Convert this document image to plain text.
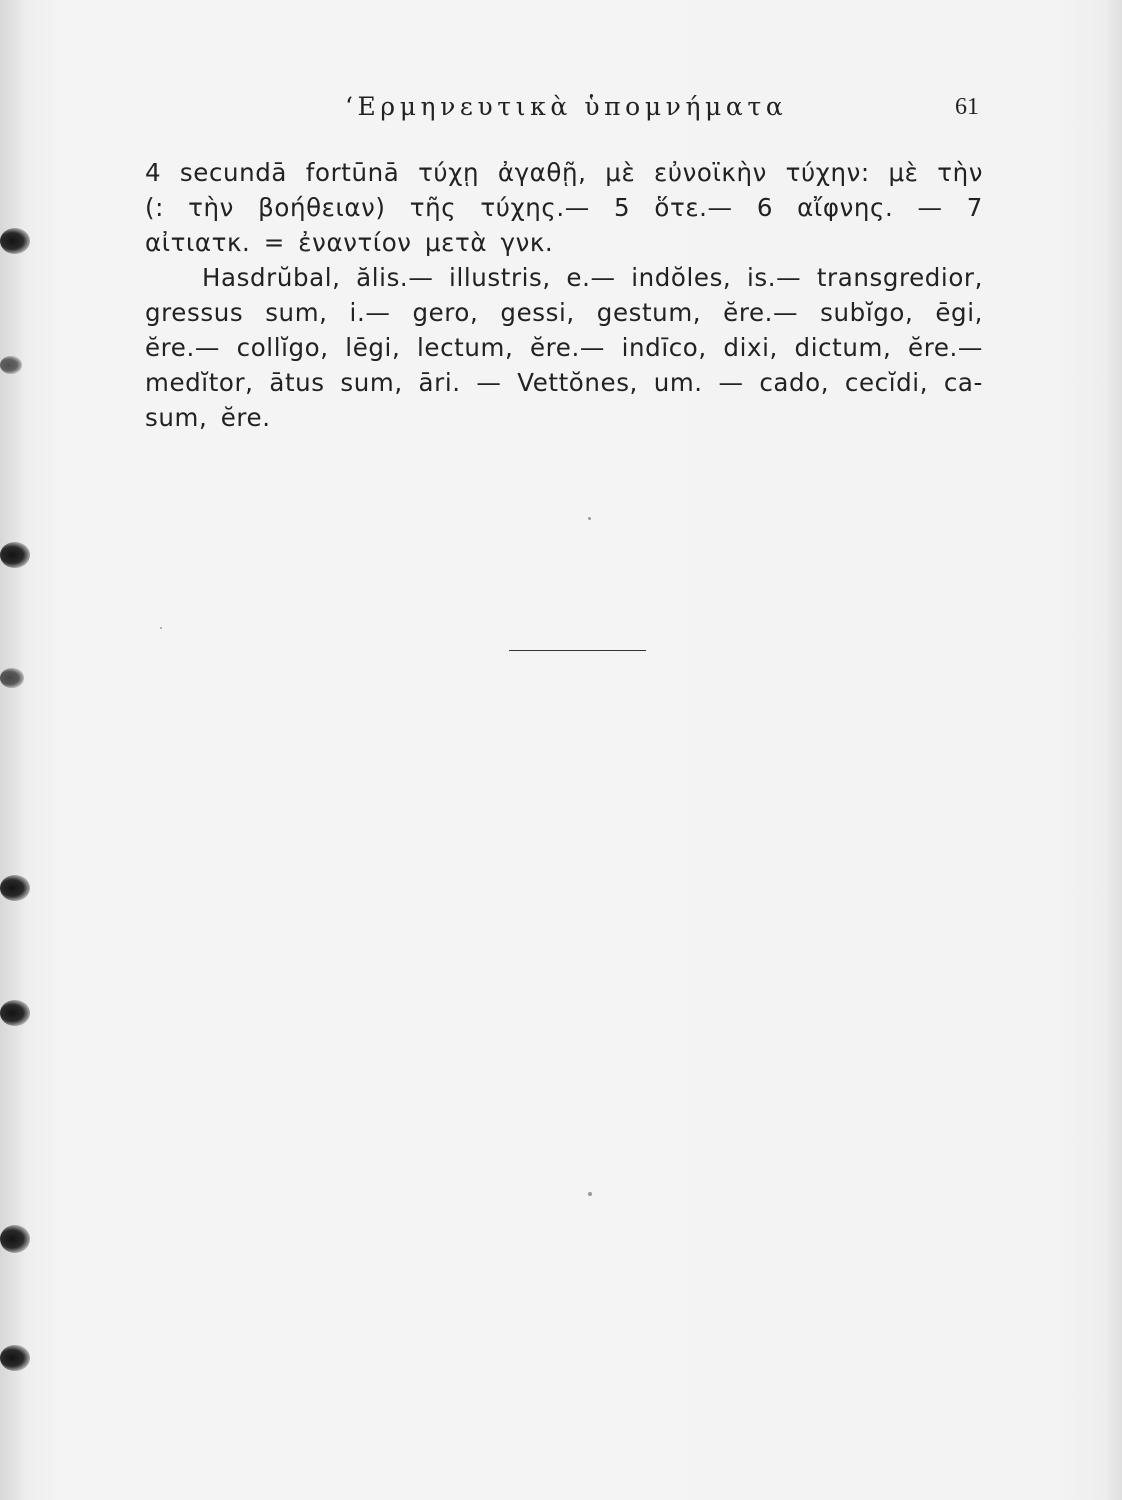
‘Ερμηνευτικὰ ὑπομνήματα	61
4 secundā fortūnā τύχῃ ἀγαθῇ, μὲ εὐνοϊκὴν τύχην: μὲ τὴν
(: τὴν βοήθειαν) τῆς τύχης.— 5 ὅτε.— 6 αἴφνης. — 7
αἰτιατκ. = ἐναντίον μετὰ γνκ.
Hasdrŭbal, ălis.— illustris, e.— indŏles, is.— transgredior,
gressus sum, i.— gero, gessi, gestum, ĕre.— subĭgo, ēgi,
ĕre.— collĭgo, lēgi, lectum, ĕre.— indīco, dixi, dictum, ĕre.—
medĭtor, ātus sum, āri. — Vettŏnes, um. — cado, cecĭdi, ca-
sum, ĕre.
